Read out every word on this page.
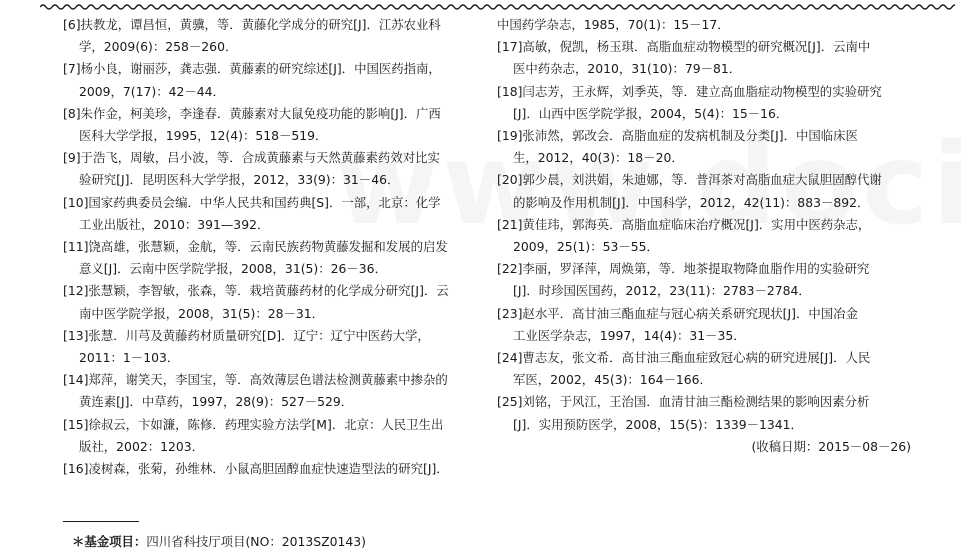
[6]扶教龙，谭昌恒，黄骥，等．黄藤化学成分的研究[J]．江苏农业科
学，2009(6)：258－260．

[7]杨小良，谢丽莎，龚志强．黄藤素的研究综述[J]．中国医药指南，
2009，7(17)：42－44．

[8]朱作金，柯美珍，李逢春．黄藤素对大鼠免疫功能的影响[J]．广西
医科大学学报，1995，12(4)：518－519．

[9]于浩飞，周敏，吕小波，等．合成黄藤素与天然黄藤素药效对比实
验研究[J]．昆明医科大学学报，2012，33(9)：31－46．

[10]国家药典委员会编．中华人民共和国药典[S]．一部，北京：化学
工业出版社，2010：391—392．

[11]饶高雄，张慧颖，金航，等．云南民族药物黄藤发掘和发展的启发
意义[J]．云南中医学院学报，2008，31(5)：26－36．

[12]张慧颖，李智敏，张森，等．栽培黄藤药材的化学成分研究[J]．云
南中医学院学报，2008，31(5)：28－31．

[13]张慧．川芎及黄藤药材质量研究[D]．辽宁：辽宁中医药大学，
2011：1－103．

[14]郑萍，谢笑天，李国宝，等．高效薄层色谱法检测黄藤素中掺杂的
黄连素[J]．中草药，1997，28(9)：527－529．

[15]徐叔云，卞如濂，陈修．药理实验方法学[M]．北京：人民卫生出
版社，2002：1203．

[16]凌树森，张菊，孙维林．小鼠高胆固醇血症快速造型法的研究[J]．

中国药学杂志，1985，70(1)：15－17．

[17]高敏，倪凯，杨玉琪．高脂血症动物模型的研究概况[J]．云南中
医中药杂志，2010，31(10)：79－81．

[18]闫志芳，王永辉，刘季英，等．建立高血脂症动物模型的实验研究
[J]．山西中医学院学报，2004，5(4)：15－16．

[19]张沛然，郭改会．高脂血症的发病机制及分类[J]．中国临床医
生，2012，40(3)：18－20．

[20]郭少晨，刘洪娟，朱迪娜，等．普洱茶对高脂血症大鼠胆固醇代谢
的影响及作用机制[J]．中国科学，2012，42(11)：883－892．

[21]黄佳玮，郭海英．高脂血症临床治疗概况[J]．实用中医药杂志，
2009，25(1)：53－55．

[22]李丽，罗泽萍，周焕第，等．地茶提取物降血脂作用的实验研究
[J]．时珍国医国药，2012，23(11)：2783－2784．

[23]赵水平．高甘油三酯血症与冠心病关系研究现状[J]．中国冶金
工业医学杂志，1997，14(4)：31－35．

[24]曹志友，张文希．高甘油三酯血症致冠心病的研究进展[J]．人民
军医，2002，45(3)：164－166．

[25]刘铭，于风江，王治国．血清甘油三酯检测结果的影响因素分析
[J]．实用预防医学，2008，15(5)：1339－1341．

(收稿日期：2015－08－26)

＊基金项目：四川省科技厅项目(NO：2013SZ0143)
